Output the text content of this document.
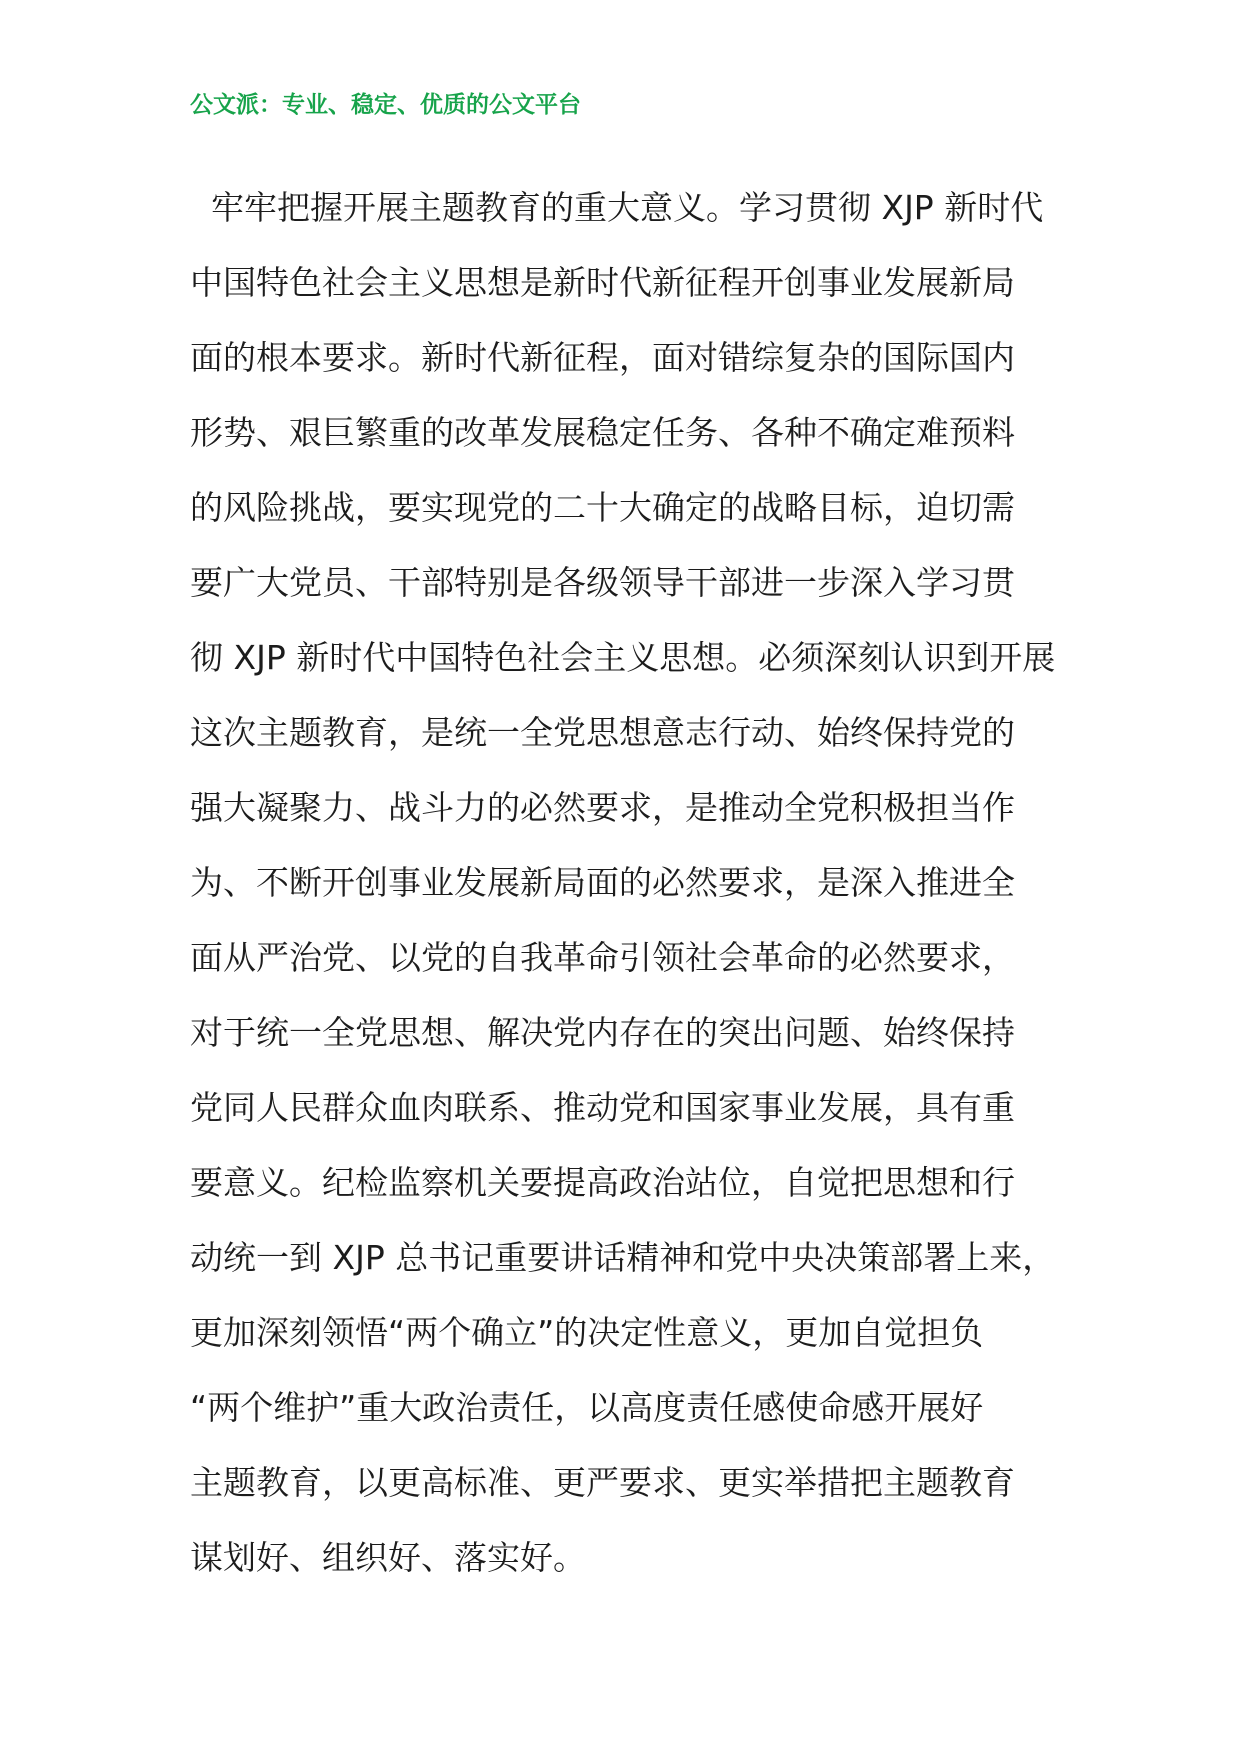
公文派：专业、稳定、优质的公文平台
牢牢把握开展主题教育的重大意义。学习贯彻 XJP 新时代
中国特色社会主义思想是新时代新征程开创事业发展新局
面的根本要求。新时代新征程，面对错综复杂的国际国内
形势、艰巨繁重的改革发展稳定任务、各种不确定难预料
的风险挑战，要实现党的二十大确定的战略目标，迫切需
要广大党员、干部特别是各级领导干部进一步深入学习贯
彻 XJP 新时代中国特色社会主义思想。必须深刻认识到开展
这次主题教育，是统一全党思想意志行动、始终保持党的
强大凝聚力、战斗力的必然要求，是推动全党积极担当作
为、不断开创事业发展新局面的必然要求，是深入推进全
面从严治党、以党的自我革命引领社会革命的必然要求，
对于统一全党思想、解决党内存在的突出问题、始终保持
党同人民群众血肉联系、推动党和国家事业发展，具有重
要意义。纪检监察机关要提高政治站位，自觉把思想和行
动统一到 XJP 总书记重要讲话精神和党中央决策部署上来，
更加深刻领悟“两个确立”的决定性意义，更加自觉担负
“两个维护”重大政治责任，以高度责任感使命感开展好
主题教育，以更高标准、更严要求、更实举措把主题教育
谋划好、组织好、落实好。
